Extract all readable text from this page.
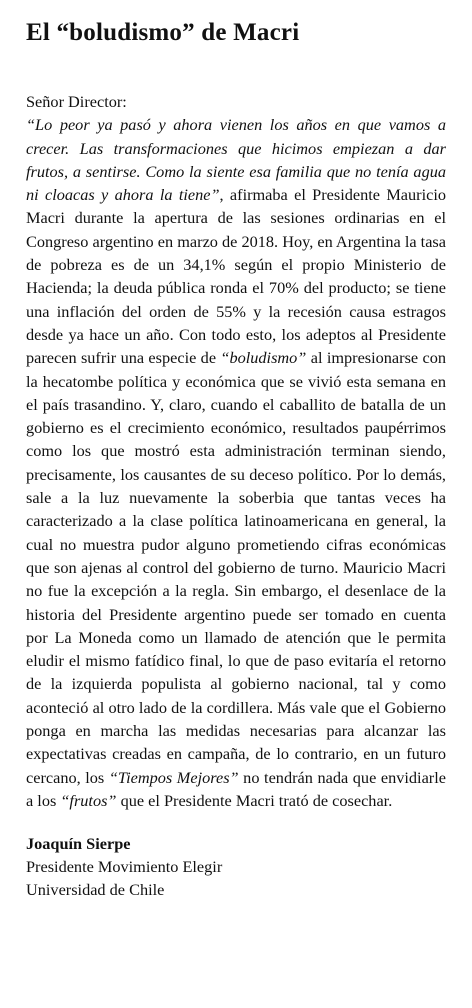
El “boludismo” de Macri

Señor Director:

“Lo peor ya pasó y ahora vienen los años en que vamos a crecer. Las transformaciones que hicimos empiezan a dar frutos, a sentirse. Como la siente esa familia que no tenía agua ni cloacas y ahora la tiene”, afirmaba el Presidente Mauricio Macri durante la apertura de las sesiones ordinarias en el Congreso argentino en marzo de 2018. Hoy, en Argentina la tasa de pobreza es de un 34,1% según el propio Ministerio de Hacienda; la deuda pública ronda el 70% del producto; se tiene una inflación del orden de 55% y la recesión causa estragos desde ya hace un año. Con todo esto, los adeptos al Presidente parecen sufrir una especie de “boludismo” al impresionarse con la hecatombe política y económica que se vivió esta semana en el país trasandino. Y, claro, cuando el caballito de batalla de un gobierno es el crecimiento económico, resultados paupérrimos como los que mostró esta administración terminan siendo, precisamente, los causantes de su deceso político. Por lo demás, sale a la luz nuevamente la soberbia que tantas veces ha caracterizado a la clase política latinoamericana en general, la cual no muestra pudor alguno prometiendo cifras económicas que son ajenas al control del gobierno de turno. Mauricio Macri no fue la excepción a la regla. Sin embargo, el desenlace de la historia del Presidente argentino puede ser tomado en cuenta por La Moneda como un llamado de atención que le permita eludir el mismo fatídico final, lo que de paso evitaría el retorno de la izquierda populista al gobierno nacional, tal y como aconteció al otro lado de la cordillera. Más vale que el Gobierno ponga en marcha las medidas necesarias para alcanzar las expectativas creadas en campaña, de lo contrario, en un futuro cercano, los “Tiempos Mejores” no tendrán nada que envidiarle a los “frutos” que el Presidente Macri trató de cosechar.

Joaquín Sierpe
Presidente Movimiento Elegir
Universidad de Chile
